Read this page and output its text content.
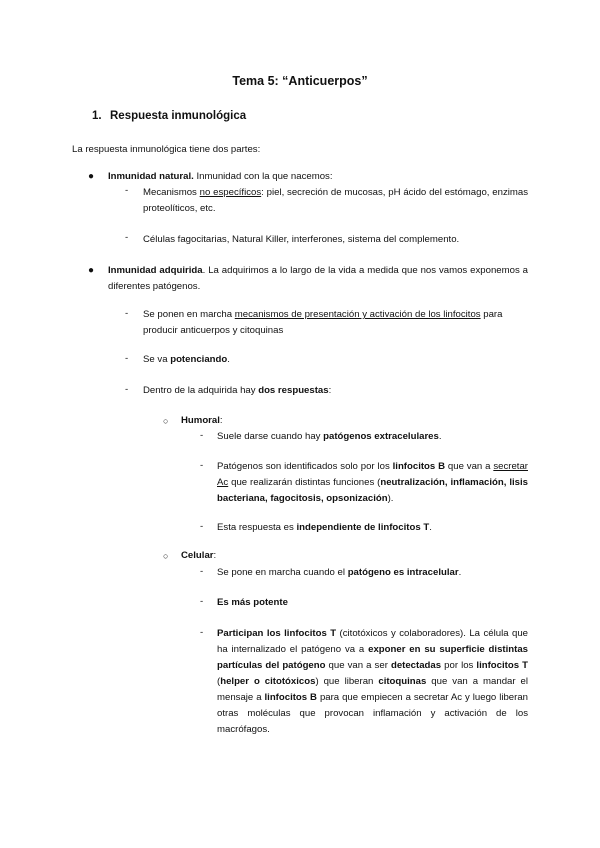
Tema 5: “Anticuerpos”
1. Respuesta inmunológica
La respuesta inmunológica tiene dos partes:
● Inmunidad natural. Inmunidad con la que nacemos:
- Mecanismos no específicos: piel, secreción de mucosas, pH ácido del estómago, enzimas proteolíticos, etc.
- Células fagocitarias, Natural Killer, interferones, sistema del complemento.
● Inmunidad adquirida. La adquirimos a lo largo de la vida a medida que nos vamos exponemos a diferentes patógenos.
- Se ponen en marcha mecanismos de presentación y activación de los linfocitos para producir anticuerpos y citoquinas
- Se va potenciando.
- Dentro de la adquirida hay dos respuestas:
○ Humoral:
- Suele darse cuando hay patógenos extracelulares.
- Patógenos son identificados solo por los linfocitos B que van a secretar Ac que realizarán distintas funciones (neutralización, inflamación, lisis bacteriana, fagocitosis, opsonización).
- Esta respuesta es independiente de linfocitos T.
○ Celular:
- Se pone en marcha cuando el patógeno es intracelular.
- Es más potente
- Participan los linfocitos T (citotóxicos y colaboradores). La célula que ha internalizado el patógeno va a exponer en su superficie distintas partículas del patógeno que van a ser detectadas por los linfocitos T (helper o citotóxicos) que liberan citoquinas que van a mandar el mensaje a linfocitos B para que empiecen a secretar Ac y luego liberan otras moléculas que provocan inflamación y activación de los macrófagos.
